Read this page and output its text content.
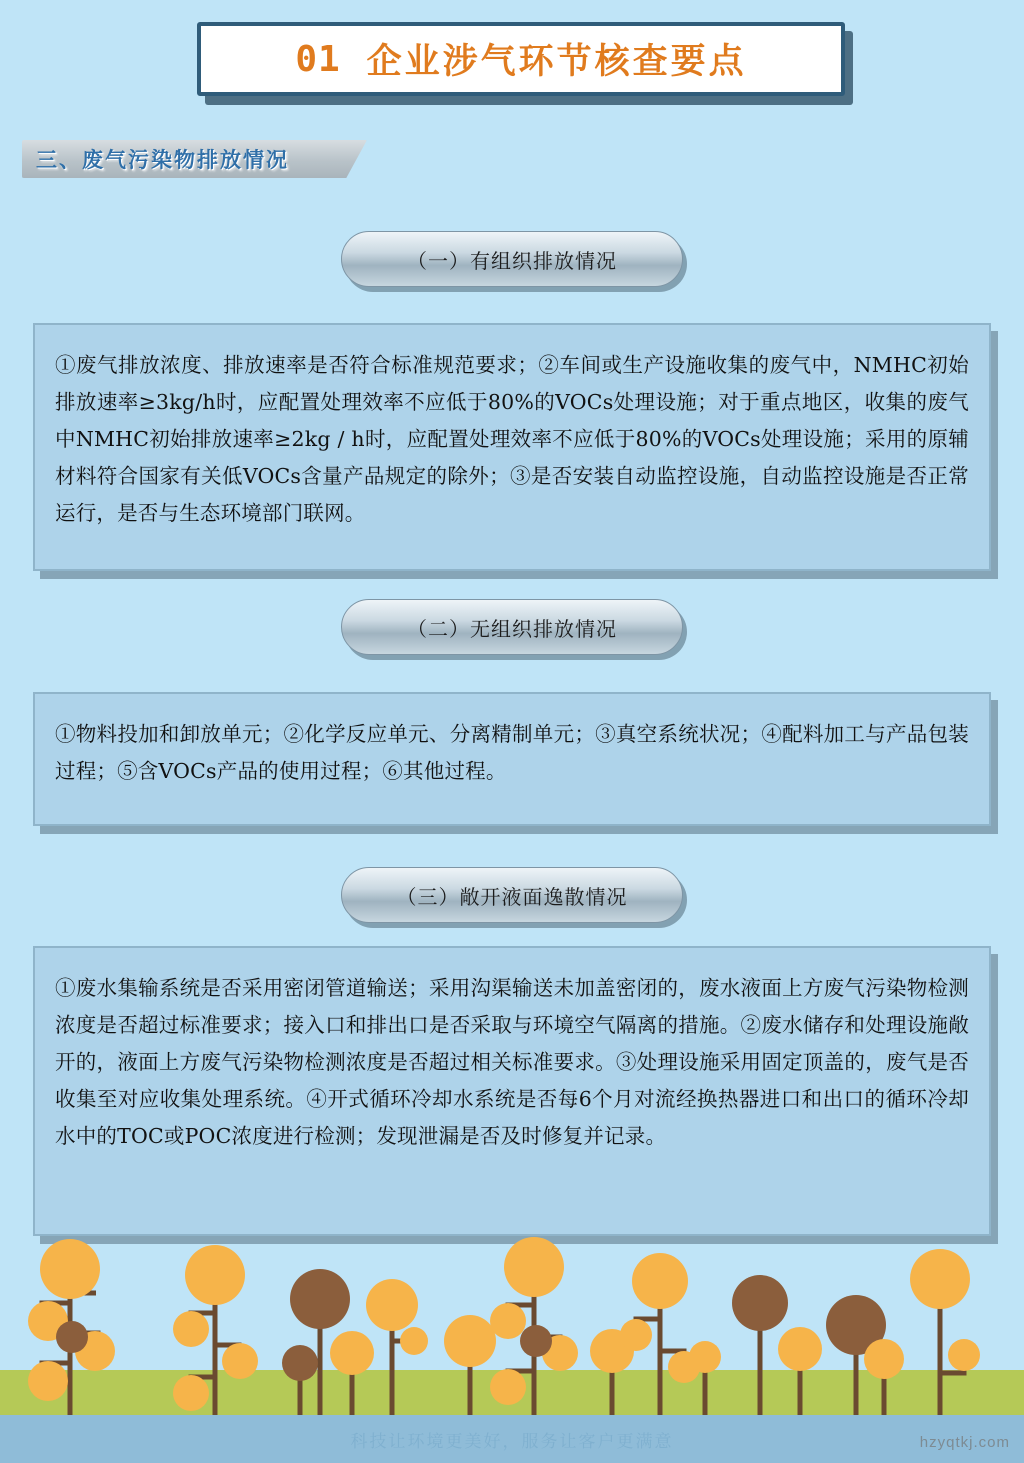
01 企业涉气环节核查要点
三、废气污染物排放情况
（一）有组织排放情况

①废气排放浓度、排放速率是否符合标准规范要求；②车间或生产设施收集的废气中，NMHC初始排放速率≥3kg/h时，应配置处理效率不应低于80%的VOCs处理设施；对于重点地区，收集的废气中NMHC初始排放速率≥2kg / h时，应配置处理效率不应低于80%的VOCs处理设施；采用的原辅材料符合国家有关低VOCs含量产品规定的除外；③是否安装自动监控设施，自动监控设施是否正常运行，是否与生态环境部门联网。

（二）无组织排放情况

①物料投加和卸放单元；②化学反应单元、分离精制单元；③真空系统状况；④配料加工与产品包装过程；⑤含VOCs产品的使用过程；⑥其他过程。

（三）敞开液面逸散情况

①废水集输系统是否采用密闭管道输送；采用沟渠输送未加盖密闭的，废水液面上方废气污染物检测浓度是否超过标准要求；接入口和排出口是否采取与环境空气隔离的措施。②废水储存和处理设施敞开的，液面上方废气污染物检测浓度是否超过相关标准要求。③处理设施采用固定顶盖的，废气是否收集至对应收集处理系统。④开式循环冷却水系统是否每6个月对流经换热器进口和出口的循环冷却水中的TOC或POC浓度进行检测；发现泄漏是否及时修复并记录。

科技让环境更美好，服务让客户更满意	hzyqtkj.com
